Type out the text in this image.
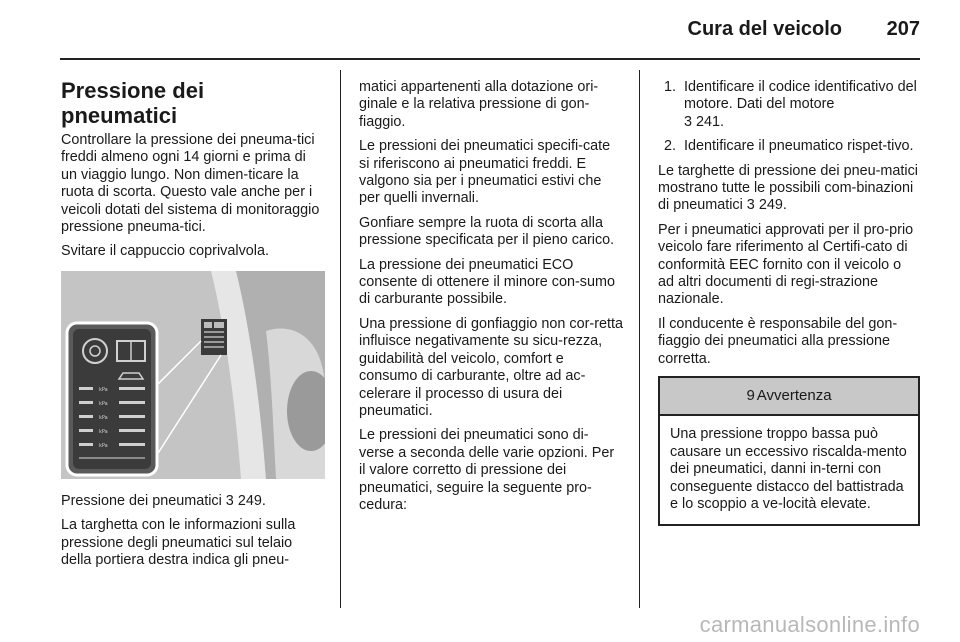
Cura del veicolo 207
Pressione dei pneumatici

Controllare la pressione dei pneuma-tici freddi almeno ogni 14 giorni e prima di un viaggio lungo. Non dimen-ticare la ruota di scorta. Questo vale anche per i veicoli dotati del sistema di monitoraggio pressione pneuma-tici.

Svitare il cappuccio coprivalvola.

kPa
kPa
kPa
kPa
kPa

Pressione dei pneumatici 3 249.

La targhetta con le informazioni sulla pressione degli pneumatici sul telaio della portiera destra indica gli pneu-

matici appartenenti alla dotazione ori-ginale e la relativa pressione di gon-fiaggio.

Le pressioni dei pneumatici specifi-cate si riferiscono ai pneumatici freddi. E valgono sia per i pneumatici estivi che per quelli invernali.

Gonfiare sempre la ruota di scorta alla pressione specificata per il pieno carico.

La pressione dei pneumatici ECO consente di ottenere il minore con-sumo di carburante possibile.

Una pressione di gonfiaggio non cor-retta influisce negativamente su sicu-rezza, guidabilità del veicolo, comfort e consumo di carburante, oltre ad ac-celerare il processo di usura dei pneumatici.

Le pressioni dei pneumatici sono di-verse a seconda delle varie opzioni. Per il valore corretto di pressione dei pneumatici, seguire la seguente pro-cedura:

1. Identificare il codice identificativo del motore. Dati del motore
3 241.
2. Identificare il pneumatico rispet-tivo.

Le targhette di pressione dei pneu-matici mostrano tutte le possibili com-binazioni di pneumatici 3 249.

Per i pneumatici approvati per il pro-prio veicolo fare riferimento al Certifi-cato di conformità EEC fornito con il veicolo o ad altri documenti di regi-strazione nazionale.

Il conducente è responsabile del gon-fiaggio dei pneumatici alla pressione corretta.

9 Avvertenza
Una pressione troppo bassa può causare un eccessivo riscalda-mento dei pneumatici, danni in-terni con conseguente distacco del battistrada e lo scoppio a ve-locità elevate.
carmanualsonline.info
